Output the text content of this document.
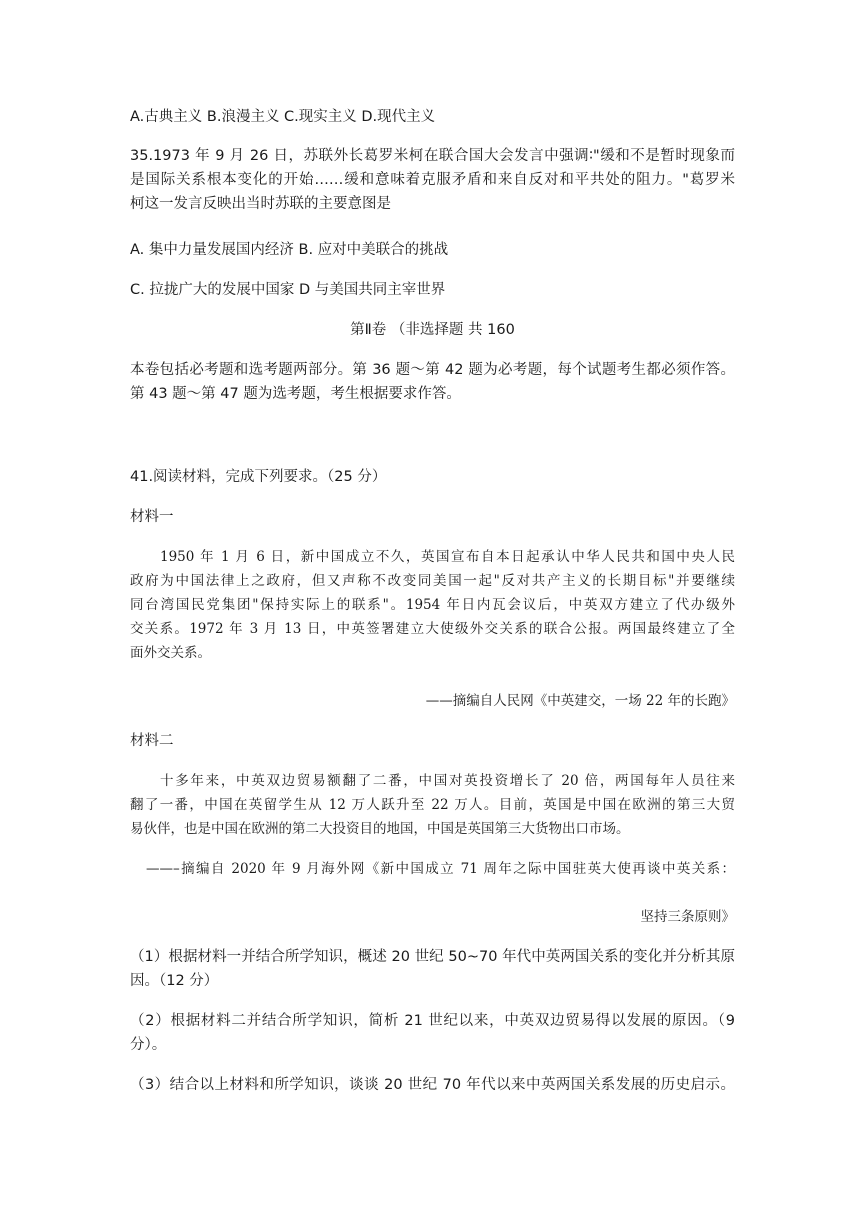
A.古典主义 B.浪漫主义 C.现实主义 D.现代主义
35.1973 年 9 月 26 日，苏联外长葛罗米柯在联合国大会发言中强调∶"缓和不是暂时现象而
是国际关系根本变化的开始……缓和意味着克服矛盾和来自反对和平共处的阻力。"葛罗米
柯这一发言反映出当时苏联的主要意图是
A. 集中力量发展国内经济 B. 应对中美联合的挑战
C. 拉拢广大的发展中国家 D 与美国共同主宰世界
第Ⅱ卷 （非选择题 共 160
本卷包括必考题和选考题两部分。第 36 题～第 42 题为必考题，每个试题考生都必须作答。
第 43 题～第 47 题为选考题，考生根据要求作答。
41.阅读材料，完成下列要求。（25 分）
材料一
1950 年 1 月 6 日，新中国成立不久，英国宣布自本日起承认中华人民共和国中央人民
政府为中国法律上之政府，但又声称不改变同美国一起"反对共产主义的长期目标"并要继续
同台湾国民党集团"保持实际上的联系"。1954 年日内瓦会议后，中英双方建立了代办级外
交关系。1972 年 3 月 13 日，中英签署建立大使级外交关系的联合公报。两国最终建立了全
面外交关系。
——摘编自人民网《中英建交，一场 22 年的长跑》
材料二
十多年来，中英双边贸易额翻了二番，中国对英投资增长了 20 倍，两国每年人员往来
翻了一番，中国在英留学生从 12 万人跃升至 22 万人。目前，英国是中国在欧洲的第三大贸
易伙伴，也是中国在欧洲的第二大投资目的地国，中国是英国第三大货物出口市场。
——–摘编自 2020 年 9 月海外网《新中国成立 71 周年之际中国驻英大使再谈中英关系：
坚持三条原则》
（1）根据材料一并结合所学知识，概述 20 世纪 50~70 年代中英两国关系的变化并分析其原
因。（12 分）
（2）根据材料二并结合所学知识，简析 21 世纪以来，中英双边贸易得以发展的原因。（9
分）。
（3）结合以上材料和所学知识，谈谈 20 世纪 70 年代以来中英两国关系发展的历史启示。
